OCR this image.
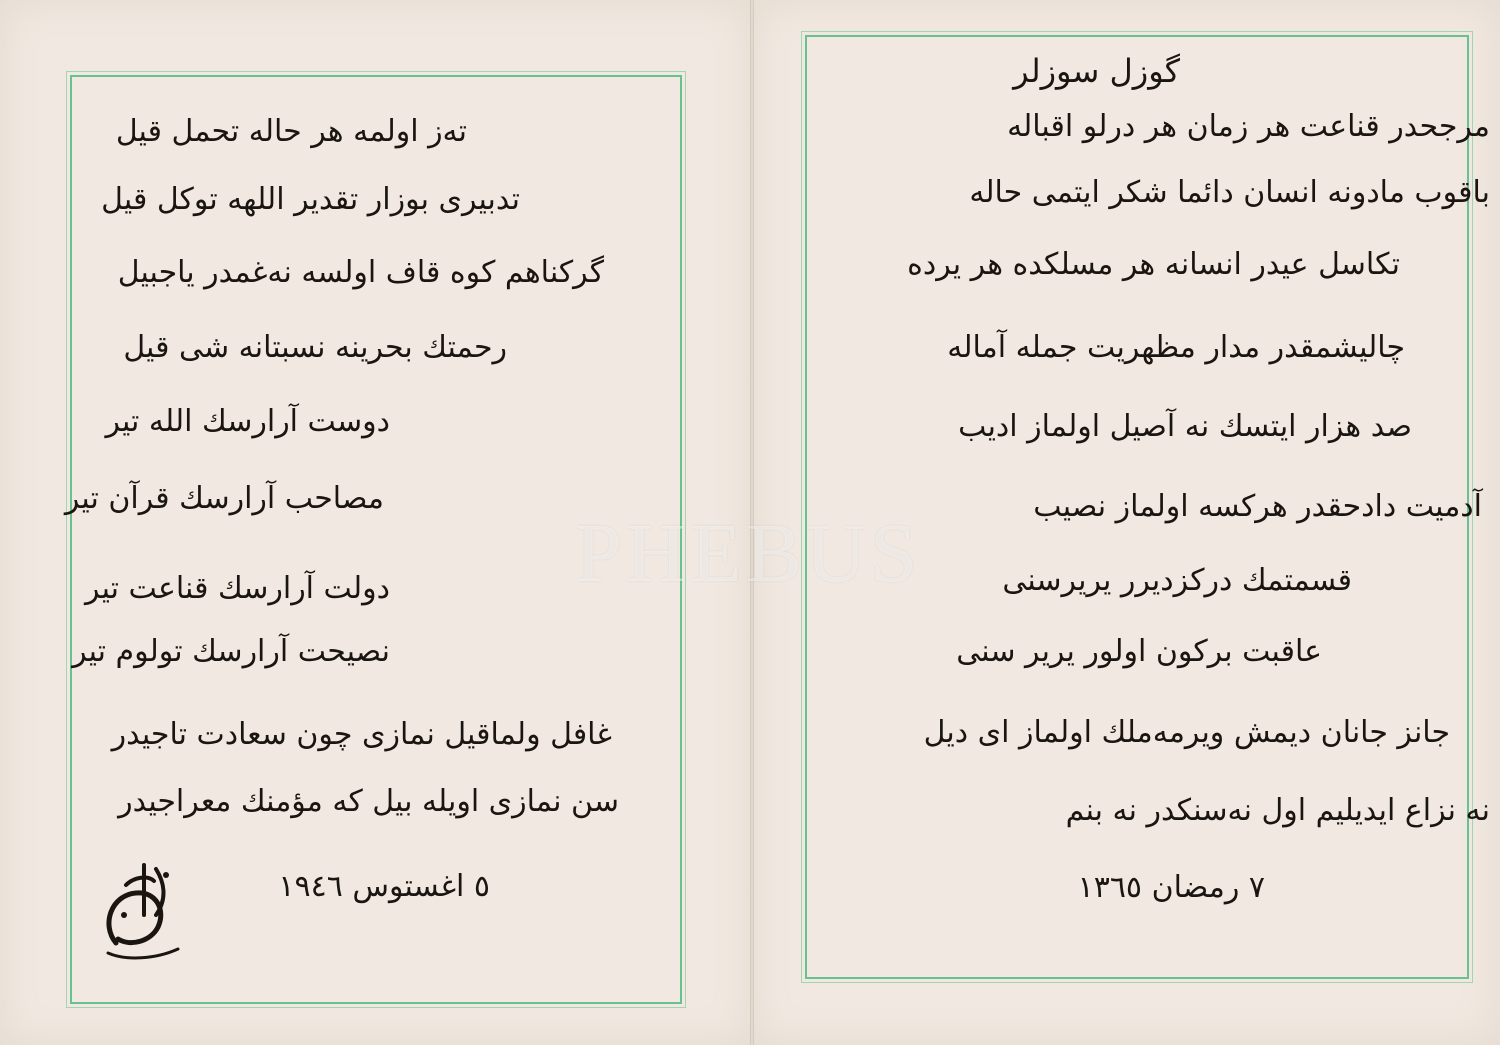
تەز اولمە هر حالە تحمل قیل
تدبیری بوزار تقدیر اللهە توکل قیل
گرکناهم کوه قاف اولسە نەغمدر یاجبیل
رحمتك بحرینە نسبتانە شی قیل
دوست آرارسك الله تیر
مصاحب آرارسك قرآن تیر
دولت آرارسك قناعت تیر
نصیحت آرارسك تولوم تیر
غافل ولماقیل نمازی چون سعادت تاجیدر
سن نمازی اویلە بیل کە مؤمنك معراجیدر
٥ اغستوس ١٩٤٦
گوزل سوزلر
مرجحدر قناعت هر زمان هر درلو اقبالە
باقوب مادونە انسان دائما شکر ایتمی حالە
تکاسل عیدر انسانە هر مسلکدە هر یردە
چالیشمقدر مدار مظهریت جملە آمالە
صد هزار ایتسك نە آصیل اولماز ادیب
آدمیت دادحقدر هرکسە اولماز نصیب
قسمتمك درکزدیرر یریرسنی
عاقبت برکون اولور یریر سنی
جانز جانان دیمش ویرمەملك اولماز ای دیل
نە نزاع ایدیلیم اول نەسنکدر نە بنم
٧ رمضان ١٣٦٥
PHEBUS
